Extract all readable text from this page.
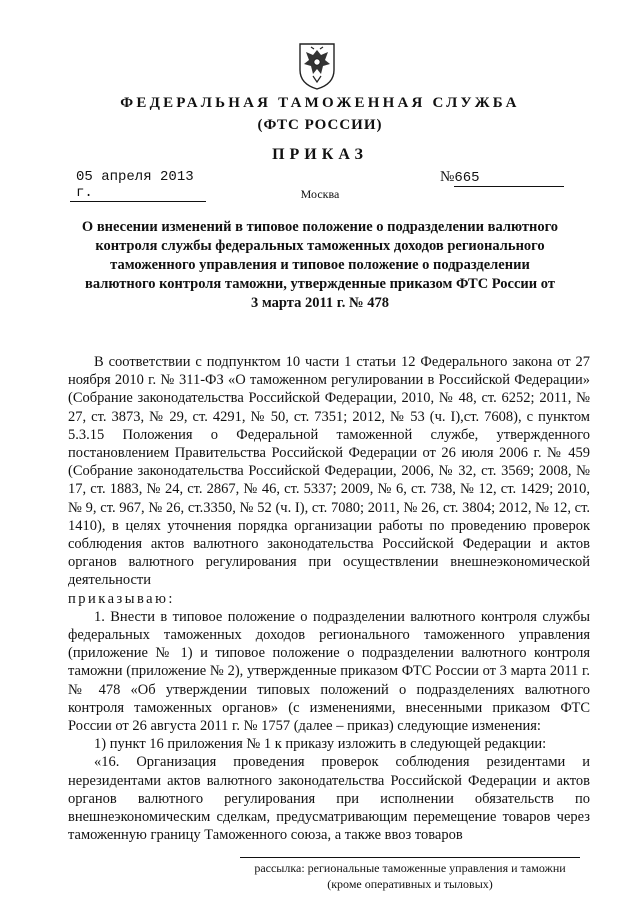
ФЕДЕРАЛЬНАЯ ТАМОЖЕННАЯ СЛУЖБА
(ФТС РОССИИ)
ПРИКАЗ
05 апреля 2013 г.
№665
Москва
О внесении изменений в типовое положение о подразделении валютного контроля службы федеральных таможенных доходов регионального таможенного управления и типовое положение о подразделении валютного контроля таможни, утвержденные приказом ФТС России от 3 марта 2011 г. № 478

В соответствии с подпунктом 10 части 1 статьи 12 Федерального закона от 27 ноября 2010 г. № 311-ФЗ «О таможенном регулировании в Российской Федерации» (Собрание законодательства Российской Федерации, 2010, № 48, ст. 6252; 2011, № 27, ст. 3873, № 29, ст. 4291, № 50, ст. 7351; 2012, № 53 (ч. I),ст. 7608), с пунктом 5.3.15 Положения о Федеральной таможенной службе, утвержденного постановлением Правительства Российской Федерации от 26 июля 2006 г. № 459 (Собрание законодательства Российской Федерации, 2006, № 32, ст. 3569; 2008, № 17, ст. 1883, № 24, ст. 2867, № 46, ст. 5337; 2009, № 6, ст. 738, № 12, ст. 1429; 2010, № 9, ст. 967, № 26, ст.3350, № 52 (ч. I), ст. 7080; 2011, № 26, ст. 3804; 2012, № 12, ст. 1410), в целях уточнения порядка организации работы по проведению проверок соблюдения актов валютного законодательства Российской Федерации и актов органов валютного регулирования при осуществлении внешнеэкономической деятельности

приказываю:

1. Внести в типовое положение о подразделении валютного контроля службы федеральных таможенных доходов регионального таможенного управления (приложение № 1) и типовое положение о подразделении валютного контроля таможни (приложение № 2), утвержденные приказом ФТС России от 3 марта 2011 г. № 478 «Об утверждении типовых положений о подразделениях валютного контроля таможенных органов» (с изменениями, внесенными приказом ФТС России от 26 августа 2011 г. № 1757 (далее – приказ) следующие изменения:

1) пункт 16 приложения № 1 к приказу изложить в следующей редакции:

«16. Организация проведения проверок соблюдения резидентами и нерезидентами актов валютного законодательства Российской Федерации и актов органов валютного регулирования при исполнении обязательств по внешнеэкономическим сделкам, предусматривающим перемещение товаров через таможенную границу Таможенного союза, а также ввоз товаров

рассылка: региональные таможенные управления и таможни
(кроме оперативных и тыловых)
